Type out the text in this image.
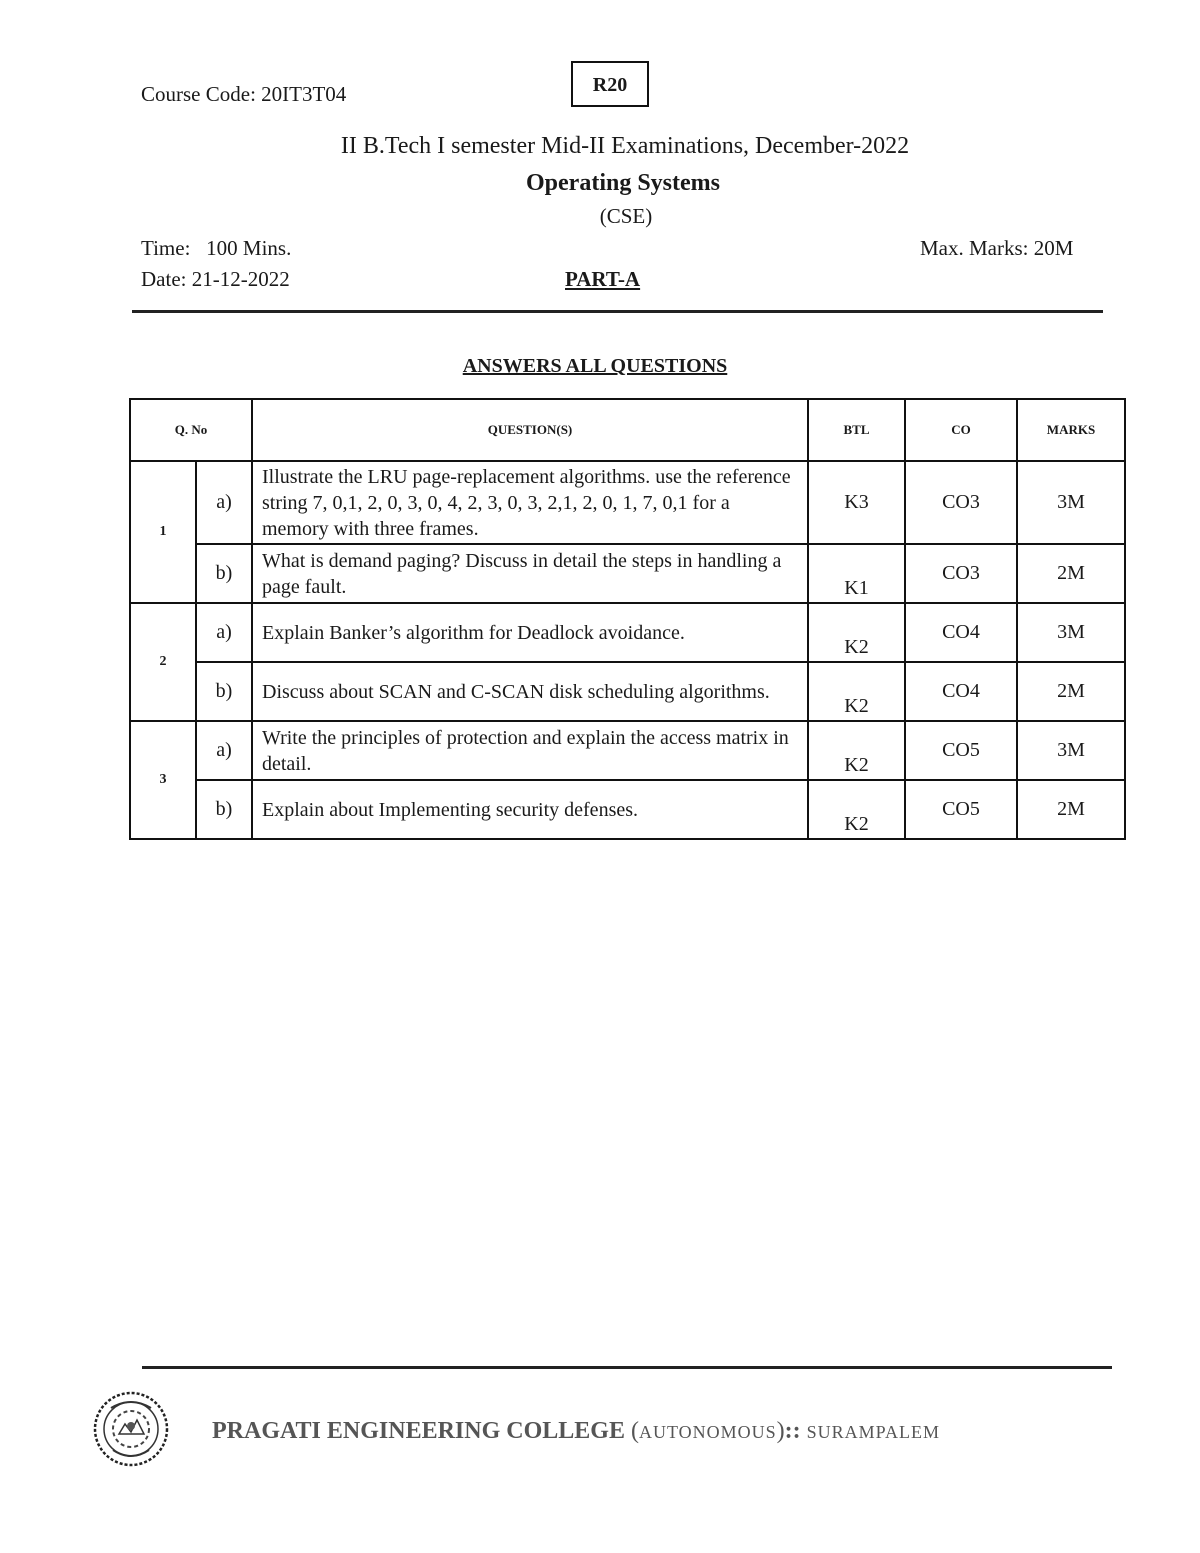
Course Code: 20IT3T04	R20
II B.Tech I semester Mid-II Examinations, December-2022
Operating Systems
(CSE)
Time:   100 Mins.	Max. Marks: 20M
Date: 21-12-2022	PART-A
ANSWERS ALL QUESTIONS
Q. No		QUESTION(S)	BTL	CO	MARKS
1	a)	Illustrate the LRU page-replacement algorithms. use the reference string 7, 0,1, 2, 0, 3, 0, 4, 2, 3, 0, 3, 2,1, 2, 0, 1, 7, 0,1 for a memory with three frames.	K3	CO3	3M
	b)	What is demand paging? Discuss in detail the steps in handling a page fault.	K1	CO3	2M
2	a)	Explain Banker’s algorithm for Deadlock avoidance.	K2	CO4	3M
	b)	Discuss about SCAN and C-SCAN disk scheduling algorithms.	K2	CO4	2M
3	a)	Write the principles of protection and explain the access matrix in detail.	K2	CO5	3M
	b)	Explain about Implementing security defenses.	K2	CO5	2M
PRAGATI ENGINEERING COLLEGE (AUTONOMOUS):: SURAMPALEM
